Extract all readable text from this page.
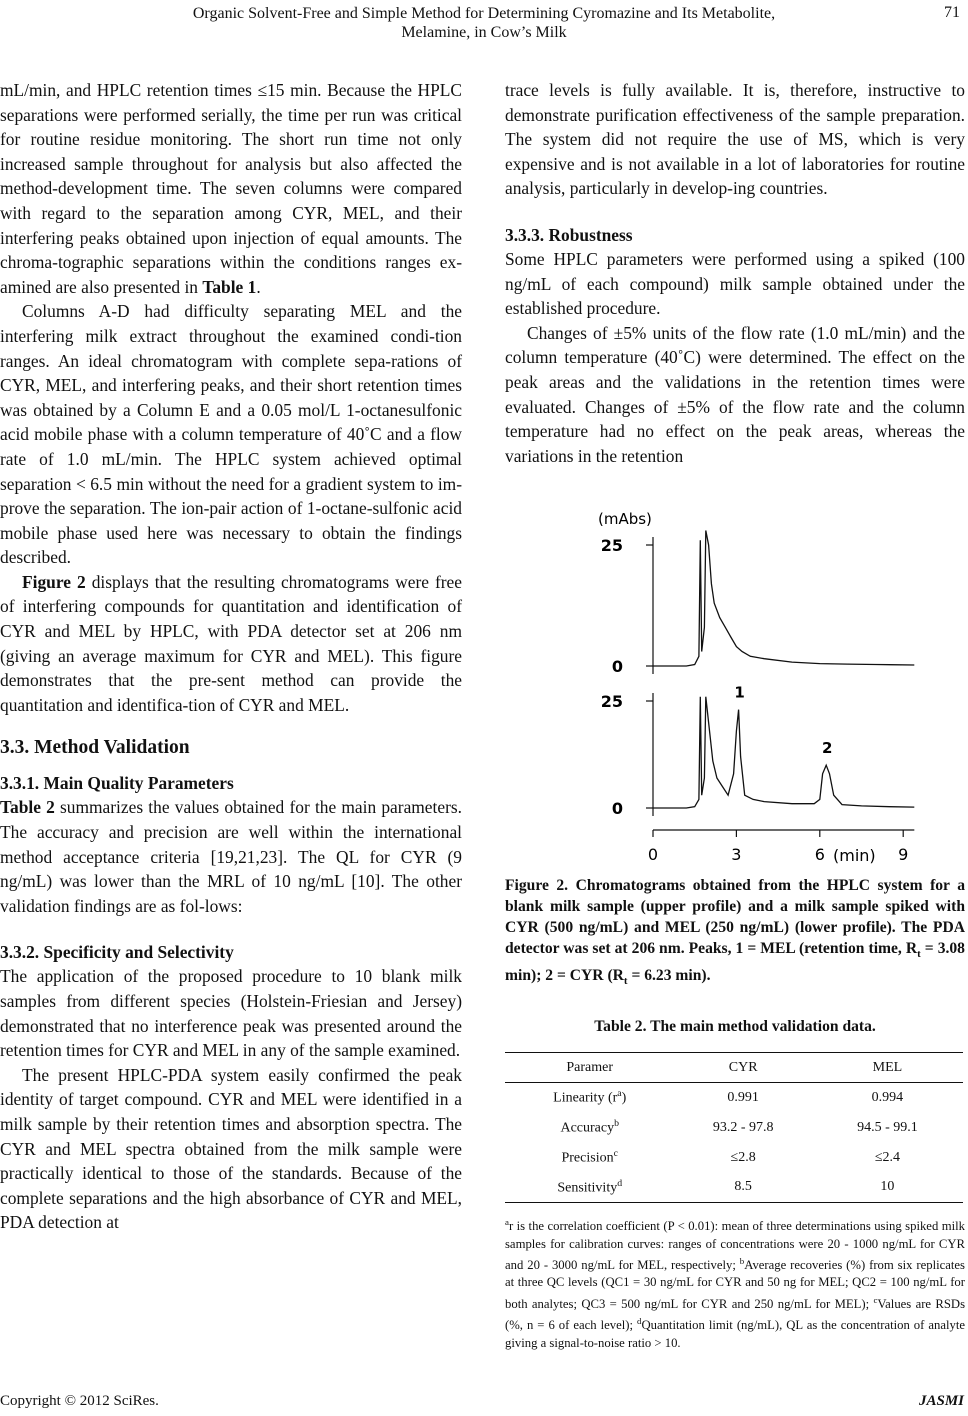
Organic Solvent-Free and Simple Method for Determining Cyromazine and Its Metabolite,
Melamine, in Cow’s Milk
71

mL/min, and HPLC retention times ≤15 min. Because the HPLC separations were performed serially, the time per run was critical for routine residue monitoring. The short run time not only increased sample throughout for analysis but also affected the method-development time. The seven columns were compared with regard to the separation among CYR, MEL, and their interfering peaks obtained upon injection of equal amounts. The chroma-tographic separations within the conditions ranges ex-amined are also presented in Table 1.

Columns A-D had difficulty separating MEL and the interfering milk extract throughout the examined condi-tion ranges. An ideal chromatogram with complete sepa-rations of CYR, MEL, and interfering peaks, and their short retention times was obtained by a Column E and a 0.05 mol/L 1-octanesulfonic acid mobile phase with a column temperature of 40˚C and a flow rate of 1.0 mL/min. The HPLC system achieved optimal separation < 6.5 min without the need for a gradient system to im-prove the separation. The ion-pair action of 1-octane-sulfonic acid mobile phase used here was necessary to obtain the findings described.

Figure 2 displays that the resulting chromatograms were free of interfering compounds for quantitation and identification of CYR and MEL by HPLC, with PDA detector set at 206 nm (giving an average maximum for CYR and MEL). This figure demonstrates that the pre-sent method can provide the quantitation and identifica-tion of CYR and MEL.

3.3. Method Validation
3.3.1. Main Quality Parameters

Table 2 summarizes the values obtained for the main parameters. The accuracy and precision are well within the international method acceptance criteria [19,21,23]. The QL for CYR (9 ng/mL) was lower than the MRL of 10 ng/mL [10]. The other validation findings are as fol-lows:

3.3.2. Specificity and Selectivity

The application of the proposed procedure to 10 blank milk samples from different species (Holstein-Friesian and Jersey) demonstrated that no interference peak was presented around the retention times for CYR and MEL in any of the sample examined.

The present HPLC-PDA system easily confirmed the peak identity of target compound. CYR and MEL were identified in a milk sample by their retention times and absorption spectra. The CYR and MEL spectra obtained from the milk sample were practically identical to those of the standards. Because of the complete separations and the high absorbance of CYR and MEL, PDA detection at

trace levels is fully available. It is, therefore, instructive to demonstrate purification effectiveness of the sample preparation. The system did not require the use of MS, which is very expensive and is not available in a lot of laboratories for routine analysis, particularly in develop-ing countries.

3.3.3. Robustness

Some HPLC parameters were performed using a spiked (100 ng/mL of each compound) milk sample obtained under the established procedure.

Changes of ±5% units of the flow rate (1.0 mL/min) and the column temperature (40˚C) were determined. The effect on the peak areas and the validations in the retention times were evaluated. Changes of ±5% of the flow rate and the column temperature had no effect on the peak areas, whereas the variations in the retention

(mAbs)
(min)
25
0
25
0
1
2
0	3	6	9
Figure 2. Chromatograms obtained from the HPLC system for a blank milk sample (upper profile) and a milk sample spiked with CYR (500 ng/mL) and MEL (250 ng/mL) (lower profile). The PDA detector was set at 206 nm. Peaks, 1 = MEL (retention time, $R_t = 3.08$ min); 2 = CYR ($R_t = 6.23$ min).
Table 2. The main method validation data.
Paramer	CYR	MEL
Linearity $(r^a)$	0.991	0.994
Accuracy$^b$	93.2 - 97.8	94.5 - 99.1
Precision$^c$	≤2.8	≤2.4
Sensitivity$^d$	8.5	10
$^a$r is the correlation coefficient (P < 0.01): mean of three determinations using spiked milk samples for calibration curves: ranges of concentrations were 20 - 1000 ng/mL for CYR and 20 - 3000 ng/mL for MEL, respectively; $^b$Average recoveries (%) from six replicates at three QC levels (QC1 = 30 ng/mL for CYR and 50 ng for MEL; QC2 = 100 ng/mL for both analytes; QC3 = 500 ng/mL for CYR and 250 ng/mL for MEL); $^c$Values are RSDs (%, n = 6 of each level); $^d$Quantitation limit (ng/mL), QL as the concentration of analyte giving a signal-to-noise ratio > 10.
Copyright © 2012 SciRes.	JASMI
